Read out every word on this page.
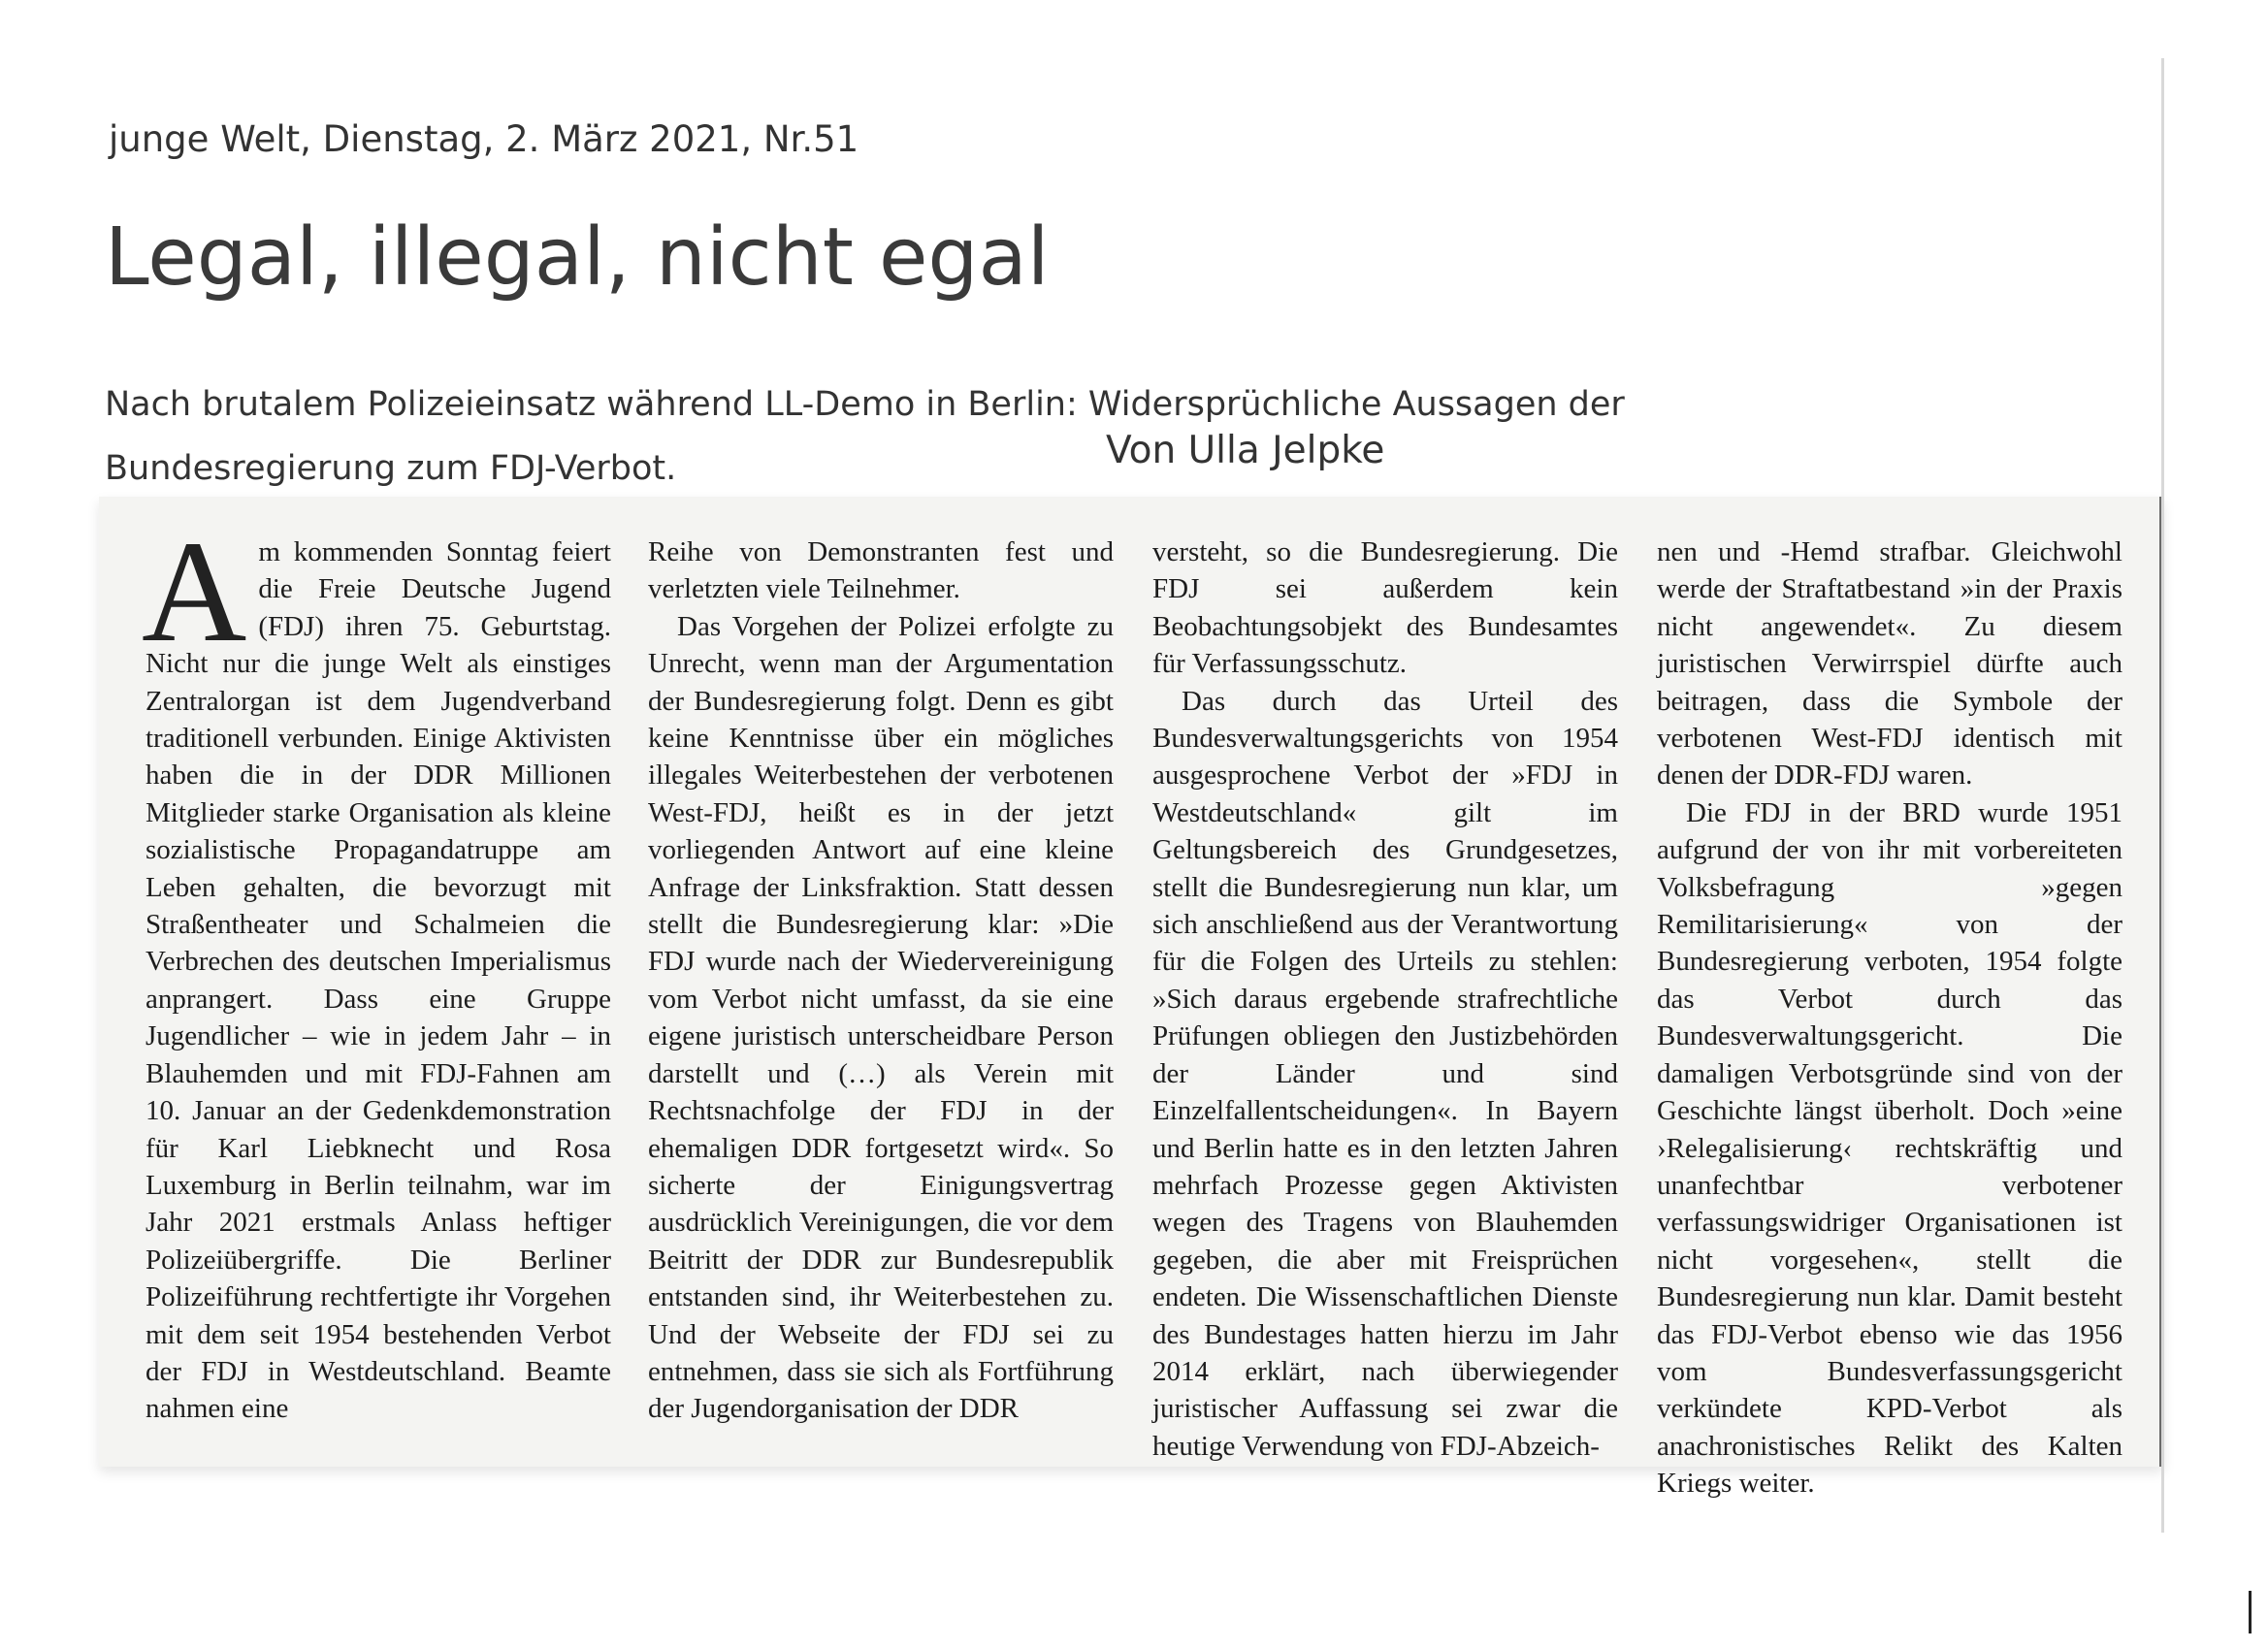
junge Welt, Dienstag, 2. März 2021, Nr.51
Legal, illegal, nicht egal
Nach brutalem Polizeieinsatz während LL-Demo in Berlin: Widersprüchliche Aussagen der Bundesregierung zum FDJ-Verbot.	Von Ulla Jelpke

Am kommenden Sonntag feiert die Freie Deutsche Jugend (FDJ) ihren 75. Geburtstag. Nicht nur die junge Welt als einstiges Zentralorgan ist dem Jugendverband traditionell verbunden. Einige Aktivisten haben die in der DDR Millionen Mitglieder starke Organisation als kleine sozialistische Propagandatruppe am Leben gehalten, die bevorzugt mit Straßentheater und Schalmeien die Verbrechen des deutschen Imperialismus anprangert. Dass eine Gruppe Jugendlicher – wie in jedem Jahr – in Blauhemden und mit FDJ-Fahnen am 10. Januar an der Gedenkdemonstration für Karl Liebknecht und Rosa Luxemburg in Berlin teilnahm, war im Jahr 2021 erstmals Anlass heftiger Polizeiübergriffe. Die Berliner Polizeiführung rechtfertigte ihr Vorgehen mit dem seit 1954 bestehenden Verbot der FDJ in Westdeutschland. Beamte nahmen eine

Reihe von Demonstranten fest und verletzten viele Teilnehmer.

Das Vorgehen der Polizei erfolgte zu Unrecht, wenn man der Argumentation der Bundesregierung folgt. Denn es gibt keine Kenntnisse über ein mögliches illegales Weiterbestehen der verbotenen West-FDJ, heißt es in der jetzt vorliegenden Antwort auf eine kleine Anfrage der Linksfraktion. Statt dessen stellt die Bundesregierung klar: »Die FDJ wurde nach der Wiedervereinigung vom Verbot nicht umfasst, da sie eine eigene juristisch unterscheidbare Person darstellt und (…) als Verein mit Rechtsnachfolge der FDJ in der ehemaligen DDR fortgesetzt wird«. So sicherte der Einigungsvertrag ausdrücklich Vereinigungen, die vor dem Beitritt der DDR zur Bundesrepublik entstanden sind, ihr Weiterbestehen zu. Und der Webseite der FDJ sei zu entnehmen, dass sie sich als Fortführung der Jugendorganisation der DDR

versteht, so die Bundesregierung. Die FDJ sei außerdem kein Beobachtungsobjekt des Bundesamtes für Verfassungsschutz.

Das durch das Urteil des Bundesverwaltungsgerichts von 1954 ausgesprochene Verbot der »FDJ in Westdeutschland« gilt im Geltungsbereich des Grundgesetzes, stellt die Bundesregierung nun klar, um sich anschließend aus der Verantwortung für die Folgen des Urteils zu stehlen: »Sich daraus ergebende strafrechtliche Prüfungen obliegen den Justizbehörden der Länder und sind Einzelfallentscheidungen«. In Bayern und Berlin hatte es in den letzten Jahren mehrfach Prozesse gegen Aktivisten wegen des Tragens von Blauhemden gegeben, die aber mit Freisprüchen endeten. Die Wissenschaftlichen Dienste des Bundestages hatten hierzu im Jahr 2014 erklärt, nach überwiegender juristischer Auffassung sei zwar die heutige Verwendung von FDJ-Abzeich-

nen und -Hemd strafbar. Gleichwohl werde der Straftatbestand »in der Praxis nicht angewendet«. Zu diesem juristischen Verwirrspiel dürfte auch beitragen, dass die Symbole der verbotenen West-FDJ identisch mit denen der DDR-FDJ waren.

Die FDJ in der BRD wurde 1951 aufgrund der von ihr mit vorbereiteten Volksbefragung »gegen Remilitarisierung« von der Bundesregierung verboten, 1954 folgte das Verbot durch das Bundesverwaltungsgericht. Die damaligen Verbotsgründe sind von der Geschichte längst überholt. Doch »eine ›Relegalisierung‹ rechtskräftig und unanfechtbar verbotener verfassungswidriger Organisationen ist nicht vorgesehen«, stellt die Bundesregierung nun klar. Damit besteht das FDJ-Verbot ebenso wie das 1956 vom Bundesverfassungsgericht verkündete KPD-Verbot als anachronistisches Relikt des Kalten Kriegs weiter.
